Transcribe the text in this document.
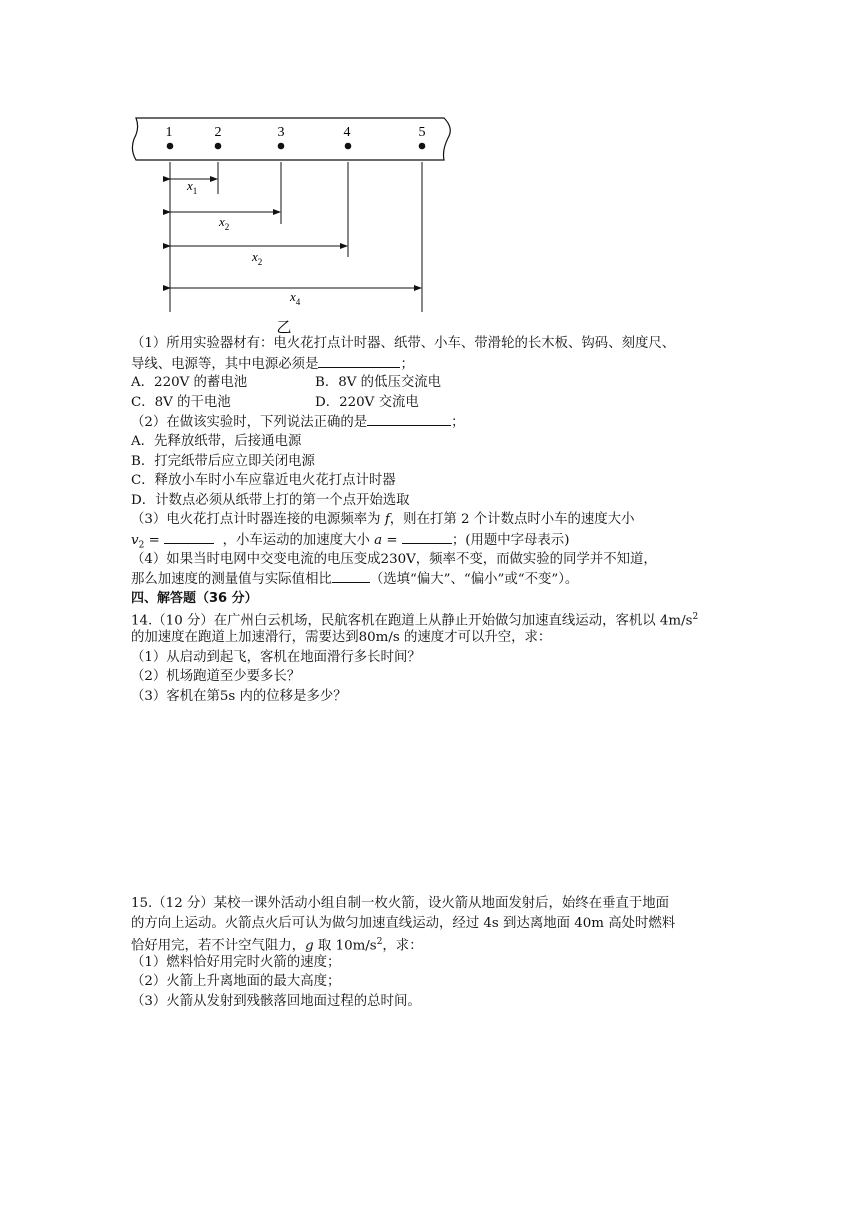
1	2	3	4	5
$x_1$
$x_2$
$x_2$
$x_4$
乙
（1）所用实验器材有：电火花打点计时器、纸带、小车、带滑轮的长木板、钩码、刻度尺、
导线、电源等，其中电源必须是	；
A．220V 的蓄电池	B．8V 的低压交流电
C．8V 的干电池	D．220V 交流电
（2）在做该实验时，下列说法正确的是	；
A．先释放纸带，后接通电源
B．打完纸带后应立即关闭电源
C．释放小车时小车应靠近电火花打点计时器
D．计数点必须从纸带上打的第一个点开始选取
（3）电火花打点计时器连接的电源频率为 f，则在打第 2 个计数点时小车的速度大小
$v_2$ =	，小车运动的加速度大小 a =	；(用题中字母表示)
（4）如果当时电网中交变电流的电压变成230V，频率不变，而做实验的同学并不知道，
那么加速度的测量值与实际值相比	（选填“偏大”、“偏小”或“不变”）。
四、解答题（36 分）
14.（10 分）在广州白云机场，民航客机在跑道上从静止开始做匀加速直线运动，客机以 $4m/s^2$
的加速度在跑道上加速滑行，需要达到80m/s 的速度才可以升空，求：
（1）从启动到起飞，客机在地面滑行多长时间？
（2）机场跑道至少要多长？
（3）客机在第5s 内的位移是多少？
15.（12 分）某校一课外活动小组自制一枚火箭，设火箭从地面发射后，始终在垂直于地面
的方向上运动。火箭点火后可认为做匀加速直线运动，经过 4s 到达离地面 40m 高处时燃料
恰好用完，若不计空气阻力，g 取 $10m/s^2$，求：
（1）燃料恰好用完时火箭的速度；
（2）火箭上升离地面的最大高度；
（3）火箭从发射到残骸落回地面过程的总时间。
